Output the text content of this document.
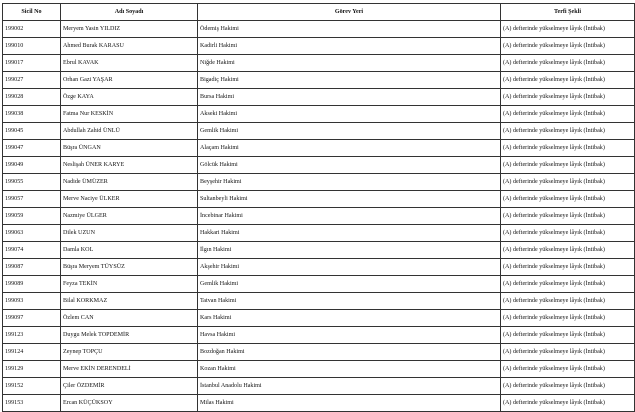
Sicil No	Adı Soyadı	Görev Yeri	Terfi Şekli
199002	Meryem Yasin YILDIZ	Ödemiş Hakimi	(A) defterinde yükselmeye lâyık (İntibak)
199010	Ahmed Burak KARASU	Kadirli Hakimi	(A) defterinde yükselmeye lâyık (İntibak)
199017	Ebrul KAVAK	Niğde Hakimi	(A) defterinde yükselmeye lâyık (İntibak)
199027	Orhan Gazi YAŞAR	Bigadiç Hakimi	(A) defterinde yükselmeye lâyık (İntibak)
199028	Özge KAYA	Bursa Hakimi	(A) defterinde yükselmeye lâyık (İntibak)
199038	Fatma Nur KESKİN	Akseki Hakimi	(A) defterinde yükselmeye lâyık (İntibak)
199045	Abdullah Zahid ÜNLÜ	Gemlik Hakimi	(A) defterinde yükselmeye lâyık (İntibak)
199047	Büşra ÜNGAN	Alaçam Hakimi	(A) defterinde yükselmeye lâyık (İntibak)
199049	Neslişah ÜNER KARYE	Gölcük Hakimi	(A) defterinde yükselmeye lâyık (İntibak)
199055	Nadide ÜMÜZER	Beyşehir Hakimi	(A) defterinde yükselmeye lâyık (İntibak)
199057	Merve Naciye ÜLKER	Sultanbeyli Hakimi	(A) defterinde yükselmeye lâyık (İntibak)
199059	Nazmiye ÜLGER	İncebinar Hakimi	(A) defterinde yükselmeye lâyık (İntibak)
199063	Dilek UZUN	Hakkari Hakimi	(A) defterinde yükselmeye lâyık (İntibak)
199074	Damla KOL	İlgın Hakimi	(A) defterinde yükselmeye lâyık (İntibak)
199087	Büşra Meryem TÜYSÜZ	Akşehir Hakimi	(A) defterinde yükselmeye lâyık (İntibak)
199089	Feyza TEKİN	Gemlik Hakimi	(A) defterinde yükselmeye lâyık (İntibak)
199093	Bilal KORKMAZ	Tatvan Hakimi	(A) defterinde yükselmeye lâyık (İntibak)
199097	Özlem CAN	Kars Hakimi	(A) defterinde yükselmeye lâyık (İntibak)
199123	Duygu Melek TOPDEMİR	Havsa Hakimi	(A) defterinde yükselmeye lâyık (İntibak)
199124	Zeynep TOPÇU	Bozdoğan Hakimi	(A) defterinde yükselmeye lâyık (İntibak)
199129	Merve EKİN DERENDELİ	Kozan Hakimi	(A) defterinde yükselmeye lâyık (İntibak)
199152	Çiler ÖZDEMİR	İstanbul Anadolu Hakimi	(A) defterinde yükselmeye lâyık (İntibak)
199153	Ercan KÜÇÜKSOY	Milas Hakimi	(A) defterinde yükselmeye lâyık (İntibak)
